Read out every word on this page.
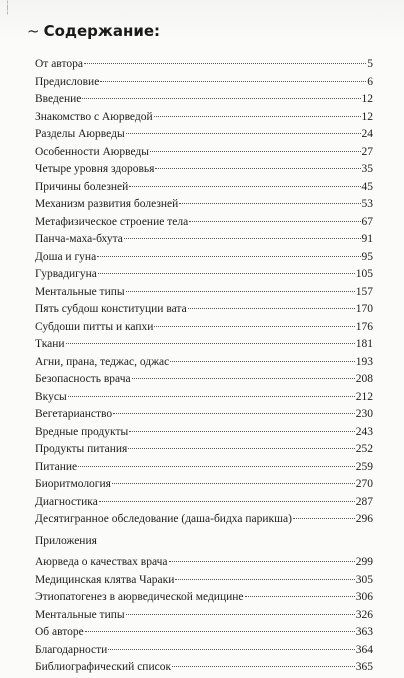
¦
¦
~ Содержание:
От автора	5
Предисловие	6
Введение	12
Знакомство с Аюрведой	12
Разделы Аюрведы	24
Особенности Аюрведы	27
Четыре уровня здоровья	35
Причины болезней	45
Механизм развития болезней	53
Метафизическое строение тела	67
Панча-маха-бхута	91
Доша и гуна	95
Гурвадигуна	105
Ментальные типы	157
Пять субдош конституции вата	170
Субдоши питты и капхи	176
Ткани	181
Агни, прана, теджас, оджас	193
Безопасность врача	208
Вкусы	212
Вегетарианство	230
Вредные продукты	243
Продукты питания	252
Питание	259
Биоритмология	270
Диагностика	287
Десятигранное обследование (даша-бидха парикша)	296
Приложения
Аюрведа о качествах врача	299
Медицинская клятва Чараки	305
Этиопатогенез в аюрведической медицине	306
Ментальные типы	326
Об авторе	363
Благодарности	364
Библиографический список	365
